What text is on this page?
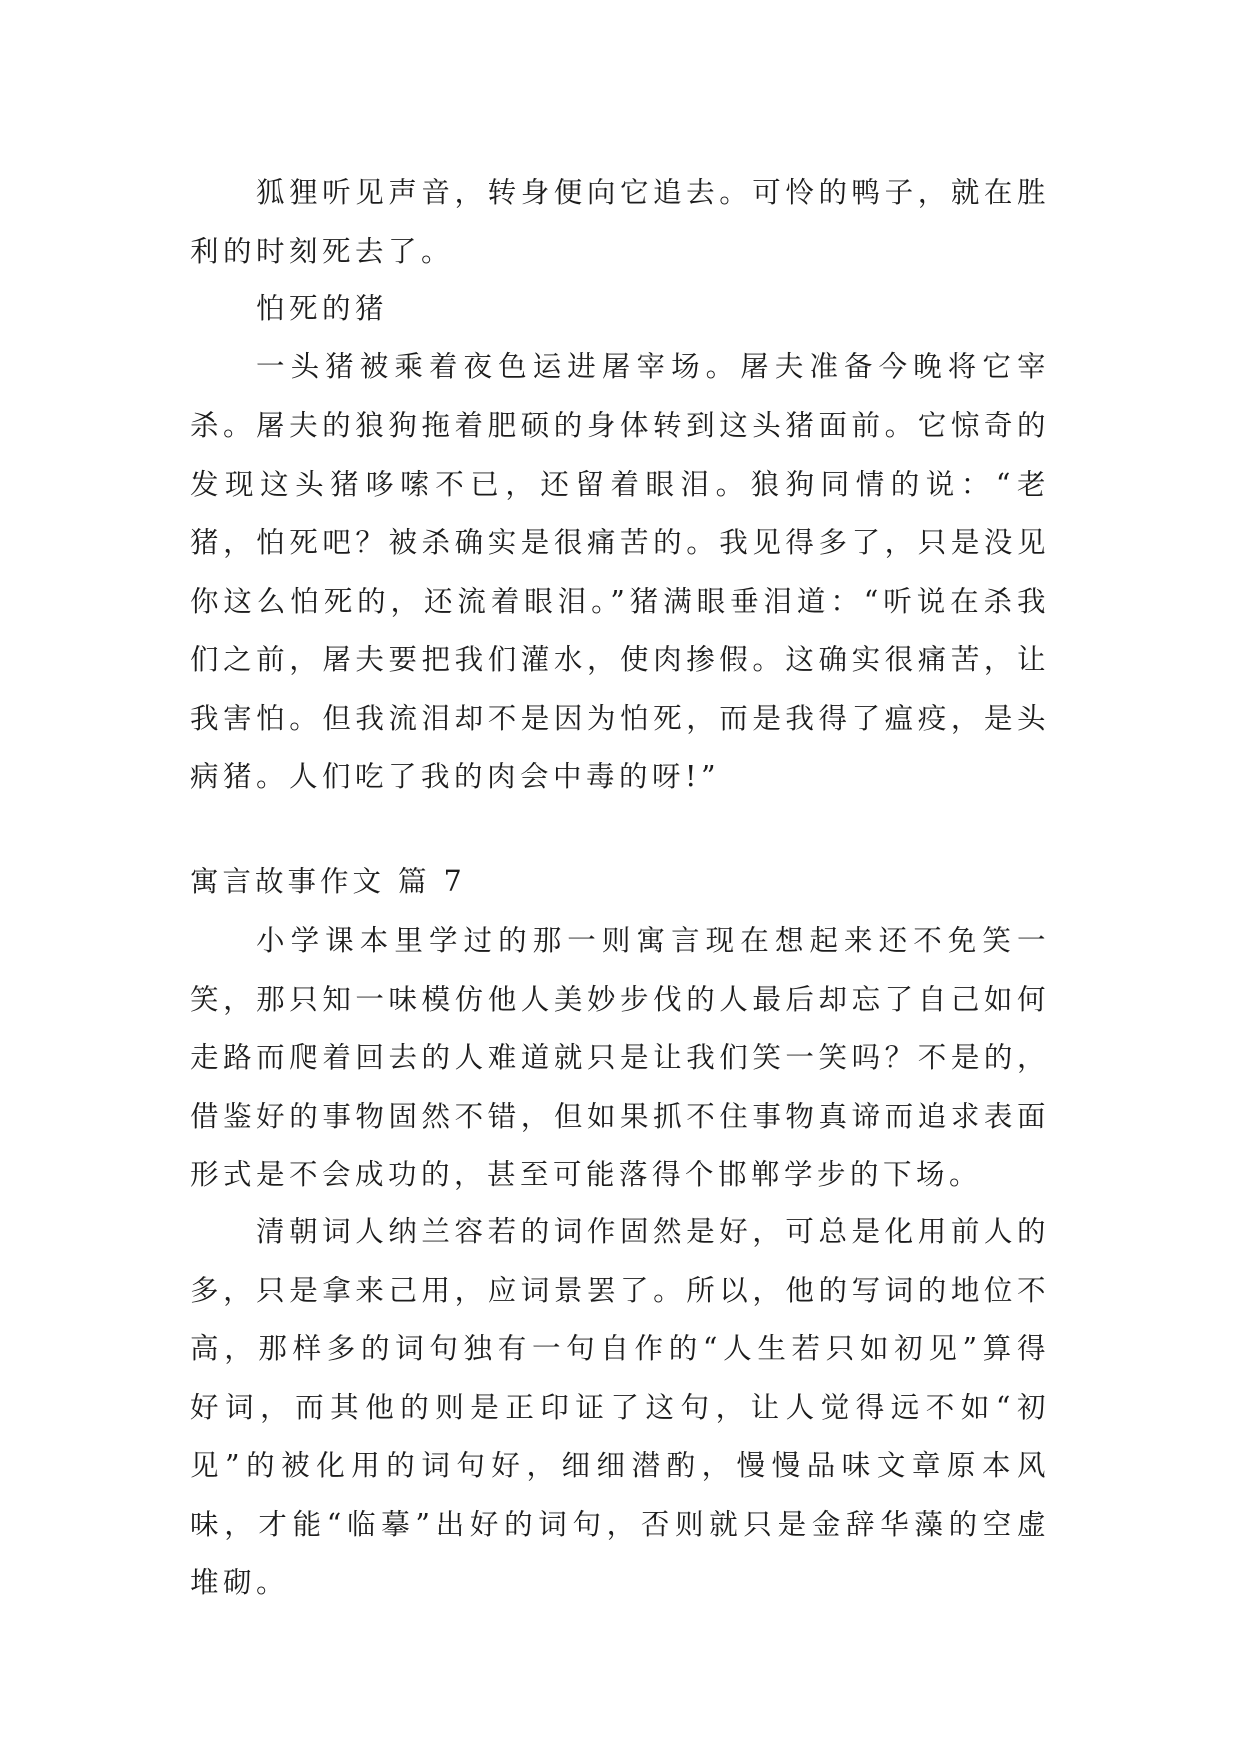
狐狸听见声音，转身便向它追去。可怜的鸭子，就在胜利的时刻死去了。

怕死的猪

一头猪被乘着夜色运进屠宰场。屠夫准备今晚将它宰杀。 屠夫的狼狗拖着肥硕的身体转到这头猪面前。它惊奇的发现这头猪哆嗦不已，还留着眼泪。狼狗同情的说：“老猪，怕死吧？被杀确实是很痛苦的。我见得多了，只是没见你这么怕死的，还流着眼泪。”猪满眼垂泪道：“听说在杀我们之前，屠夫要把我们灌水，使肉掺假。这确实很痛苦，让我害怕。但我流泪却不是因为怕死，而是我得了瘟疫，是头病猪。人们吃了我的肉会中毒的呀!”

寓言故事作文 篇 7

小学课本里学过的那一则寓言现在想起来还不免笑一笑，那只知一味模仿他人美妙步伐的人最后却忘了自己如何走路而爬着回去的人难道就只是让我们笑一笑吗？不是的，借鉴好的事物固然不错，但如果抓不住事物真谛而追求表面形式是不会成功的，甚至可能落得个邯郸学步的下场。

清朝词人纳兰容若的词作固然是好，可总是化用前人的多，只是拿来己用，应词景罢了。所以，他的写词的地位不高，那样多的词句独有一句自作的“人生若只如初见”算得好词，而其他的则是正印证了这句，让人觉得远不如“初见”的被化用的词句好，细细潜酌，慢慢品味文章原本风味，才能“临摹”出好的词句，否则就只是金辞华藻的空虚堆砌。
